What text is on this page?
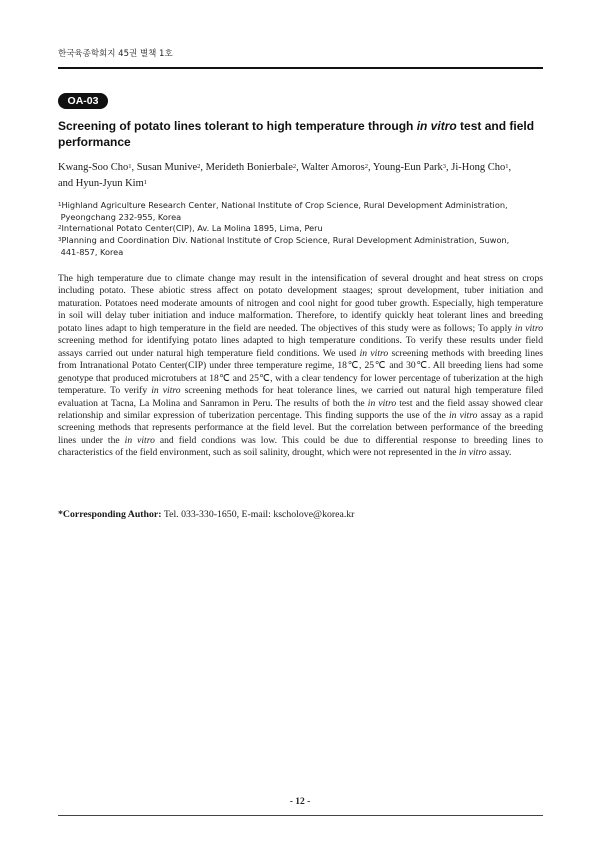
한국육종학회지 45권 별책 1호
OA-03
Screening of potato lines tolerant to high temperature through in vitro test and field performance
Kwang-Soo Cho$^1$, Susan Munive$^2$, Merideth Bonierbale$^2$, Walter Amoros$^2$, Young-Eun Park$^3$, Ji-Hong Cho$^1$,
and Hyun-Jyun Kim$^1$
$^1$Highland Agriculture Research Center, National Institute of Crop Science, Rural Development Administration,
Pyeongchang 232-955, Korea
$^2$International Potato Center(CIP), Av. La Molina 1895, Lima, Peru
$^3$Planning and Coordination Div. National Institute of Crop Science, Rural Development Administration, Suwon,
441-857, Korea

The high temperature due to climate change may result in the intensification of several drought and heat stress on crops including potato. These abiotic stress affect on potato development staages; sprout development, tuber initiation and maturation. Potatoes need moderate amounts of nitrogen and cool night for good tuber growth. Especially, high temperature in soil will delay tuber initiation and induce malformation. Therefore, to identify quickly heat tolerant lines and breeding potato lines adapt to high temperature in the field are needed. The objectives of this study were as follows; To apply in vitro screening method for identifying potato lines adapted to high temperature conditions. To verify these results under field assays carried out under natural high temperature field conditions. We used in vitro screening methods with breeding lines from Intranational Potato Center(CIP) under three temperature regime, 18℃, 25℃ and 30℃. All breeding liens had some genotype that produced microtubers at 18℃ and 25℃, with a clear tendency for lower percentage of tuberization at the high temperature. To verify in vitro screening methods for heat tolerance lines, we carried out natural high temperature filed evaluation at Tacna, La Molina and Sanramon in Peru. The results of both the in vitro test and the field assay showed clear relationship and similar expression of tuberization percentage. This finding supports the use of the in vitro assay as a rapid screening methods that represents performance at the field level. But the correlation between performance of the breeding lines under the in vitro and field condions was low. This could be due to differential response to breeding lines to characteristics of the field environment, such as soil salinity, drought, which were not represented in the in vitro assay.

*Corresponding Author: Tel. 033-330-1650, E-mail: kscholove@korea.kr
- 12 -
